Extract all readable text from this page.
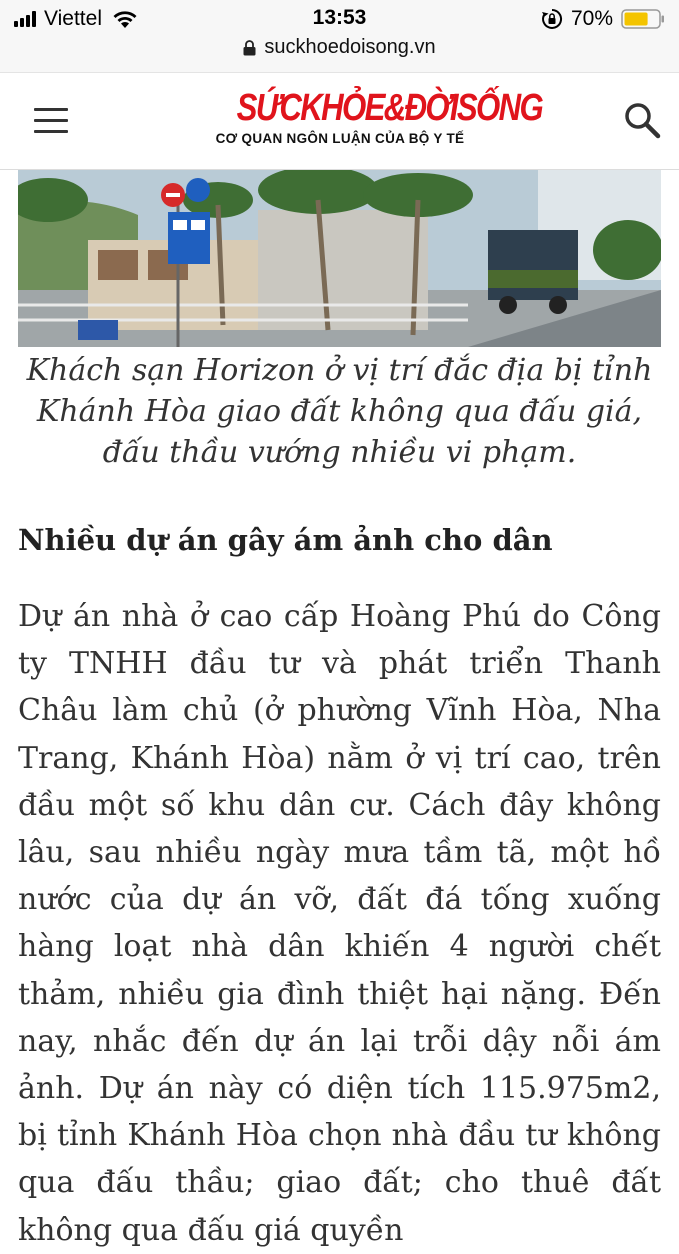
Viettel	13:53	70%
suckhoedoisong.vn
SỨCKHỎE&ĐỜISỐNG
CƠ QUAN NGÔN LUẬN CỦA BỘ Y TẾ

Khách sạn Horizon ở vị trí đắc địa bị tỉnh Khánh Hòa giao đất không qua đấu giá, đấu thầu vướng nhiều vi phạm.

Nhiều dự án gây ám ảnh cho dân

Dự án nhà ở cao cấp Hoàng Phú do Công ty TNHH đầu tư và phát triển Thanh Châu làm chủ (ở phường Vĩnh Hòa, Nha Trang, Khánh Hòa) nằm ở vị trí cao, trên đầu một số khu dân cư. Cách đây không lâu, sau nhiều ngày mưa tầm tã, một hồ nước của dự án vỡ, đất đá tống xuống hàng loạt nhà dân khiến 4 người chết thảm, nhiều gia đình thiệt hại nặng. Đến nay, nhắc đến dự án lại trỗi dậy nỗi ám ảnh. Dự án này có diện tích 115.975m2, bị tỉnh Khánh Hòa chọn nhà đầu tư không qua đấu thầu; giao đất; cho thuê đất không qua đấu giá quyền
